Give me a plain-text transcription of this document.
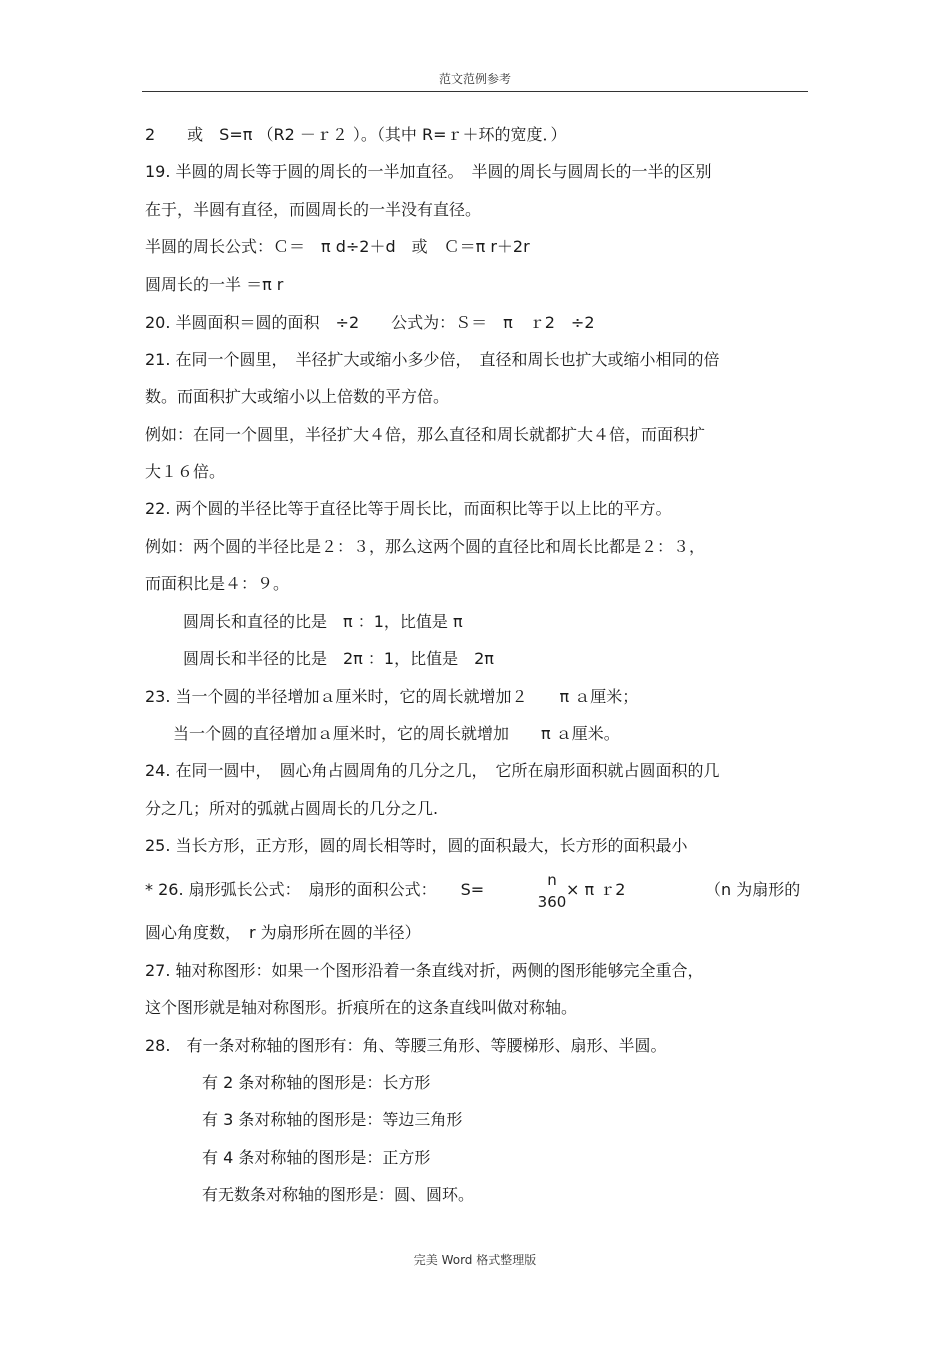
范文范例参考
2　　或　S=π （R2 －ｒ２ ）。（其中 R=ｒ＋环的宽度．）
19. 半圆的周长等于圆的周长的一半加直径。　半圆的周长与圆周长的一半的区别
在于，半圆有直径，而圆周长的一半没有直径。
半圆的周长公式：Ｃ＝　π d÷2＋d　或　Ｃ＝π r＋2r
圆周长的一半 ＝π r
20. 半圆面积＝圆的面积　÷2　　公式为：Ｓ＝　π　ｒ2　÷2
21. 在同一个圆里，　半径扩大或缩小多少倍，　直径和周长也扩大或缩小相同的倍
数。而面积扩大或缩小以上倍数的平方倍。
例如：在同一个圆里，半径扩大４倍，那么直径和周长就都扩大４倍，而面积扩
大１６倍。
22. 两个圆的半径比等于直径比等于周长比，而面积比等于以上比的平方。
例如：两个圆的半径比是２：３，那么这两个圆的直径比和周长比都是２：３，
而面积比是４：９。
圆周长和直径的比是　π ：1，比值是 π
圆周长和半径的比是　2π ：1，比值是　2π
23. 当一个圆的半径增加ａ厘米时，它的周长就增加２　　π ａ厘米；
当一个圆的直径增加ａ厘米时，它的周长就增加　　π ａ厘米。
24. 在同一圆中，　圆心角占圆周角的几分之几，　它所在扇形面积就占圆面积的几
分之几；所对的弧就占圆周长的几分之几.
25. 当长方形，正方形，圆的周长相等时，圆的面积最大，长方形的面积最小
* 26. 扇形弧长公式：　扇形的面积公式：　　S=	n
360
× π ｒ2	（n 为扇形的
圆心角度数，　r 为扇形所在圆的半径）
27. 轴对称图形：如果一个图形沿着一条直线对折，两侧的图形能够完全重合，
这个图形就是轴对称图形。折痕所在的这条直线叫做对称轴。
28.　有一条对称轴的图形有：角、等腰三角形、等腰梯形、扇形、半圆。
有 2 条对称轴的图形是：长方形
有 3 条对称轴的图形是：等边三角形
有 4 条对称轴的图形是：正方形
有无数条对称轴的图形是：圆、圆环。
完美 Word 格式整理版
